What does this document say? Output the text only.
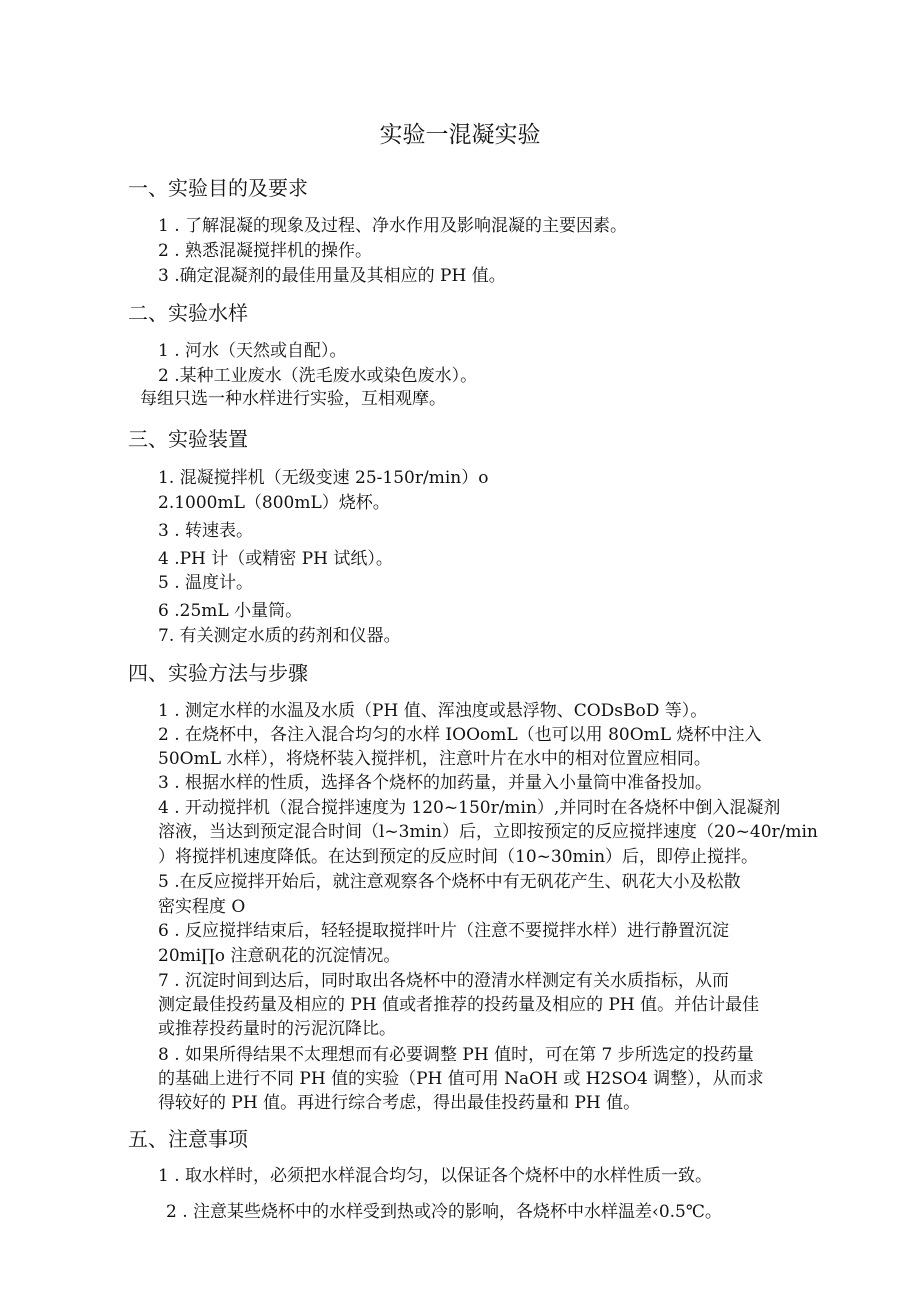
实验一混凝实验
一、实验目的及要求
1 . 了解混凝的现象及过程、净水作用及影响混凝的主要因素。
2 . 熟悉混凝搅拌机的操作。
3 .确定混凝剂的最佳用量及其相应的 PH 值。
二、实验水样
1 . 河水（天然或自配）。
2 .某种工业废水（洗毛废水或染色废水）。
每组只选一种水样进行实验，互相观摩。
三、实验装置
1. 混凝搅拌机（无级变速 25-150r/min）o
2.1000mL（800mL）烧杯。
3 . 转速表。
4 .PH 计（或精密 PH 试纸）。
5 . 温度计。
6 .25mL 小量筒。
7. 有关测定水质的药剂和仪器。
四、实验方法与步骤
1 . 测定水样的水温及水质（PH 值、浑浊度或悬浮物、CODsBoD 等）。
2 . 在烧杯中，各注入混合均匀的水样 IOOomL（也可以用 80OmL 烧杯中注入
50OmL 水样），将烧杯装入搅拌机，注意叶片在水中的相对位置应相同。
3 . 根据水样的性质，选择各个烧杯的加药量，并量入小量筒中准备投加。
4 . 开动搅拌机（混合搅拌速度为 120~150r/min）,并同时在各烧杯中倒入混凝剂
溶液，当达到预定混合时间（l~3min）后，立即按预定的反应搅拌速度（20~40r/min
）将搅拌机速度降低。在达到预定的反应时间（10~30min）后，即停止搅拌。
5 .在反应搅拌开始后，就注意观察各个烧杯中有无矾花产生、矾花大小及松散
密实程度 O
6 . 反应搅拌结束后，轻轻提取搅拌叶片（注意不要搅拌水样）进行静置沉淀
20mi∏o 注意矾花的沉淀情况。
7 . 沉淀时间到达后，同时取出各烧杯中的澄清水样测定有关水质指标，从而
测定最佳投药量及相应的 PH 值或者推荐的投药量及相应的 PH 值。并估计最佳
或推荐投药量时的污泥沉降比。
8 . 如果所得结果不太理想而有必要调整 PH 值时，可在第 7 步所选定的投药量
的基础上进行不同 PH 值的实验（PH 值可用 NaOH 或 H2SO4 调整），从而求
得较好的 PH 值。再进行综合考虑，得出最佳投药量和 PH 值。
五、注意事项
1 . 取水样时，必须把水样混合均匀，以保证各个烧杯中的水样性质一致。
2 . 注意某些烧杯中的水样受到热或冷的影响，各烧杯中水样温差‹0.5℃。
